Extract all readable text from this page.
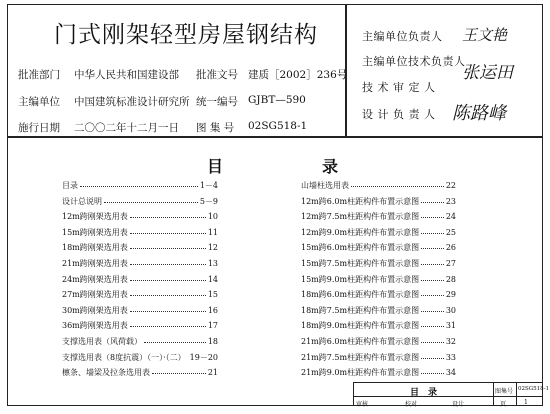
门式刚架轻型房屋钢结构
批准部门 中华人民共和国建设部 批准文号 建质［2002］236号
主编单位 中国建筑标准设计研究所 统一编号 GJBT—590
施行日期 二〇〇二年十二月一日 图 集 号 02SG518-1
主编单位负责人 王文艳
主编单位技术负责人
张运田
技 术 审 定 人
设 计 负 责 人 陈路峰
目	录
目录	1－4
设计总说明	5－9
12m跨刚架选用表	10
15m跨刚架选用表	11
18m跨刚架选用表	12
21m跨刚架选用表	13
24m跨刚架选用表	14
27m跨刚架选用表	15
30m跨刚架选用表	16
36m跨刚架选用表	17
支撑选用表（风荷载）	18
支撑选用表（8度抗震）（一）·（二） 19－20
檩条、墙梁及拉条选用表	21
山墙柱选用表	22
12m跨6.0m柱距构件布置示意图	23
12m跨7.5m柱距构件布置示意图	24
12m跨9.0m柱距构件布置示意图	25
15m跨6.0m柱距构件布置示意图	26
15m跨7.5m柱距构件布置示意图	27
15m跨9.0m柱距构件布置示意图	28
18m跨6.0m柱距构件布置示意图	29
18m跨7.5m柱距构件布置示意图	30
18m跨9.0m柱距构件布置示意图	31
21m跨6.0m柱距构件布置示意图	32
21m跨7.5m柱距构件布置示意图	33
21m跨9.0m柱距构件布置示意图	34
目　录	图集号 02SG518-1
审核	校对	设计	页	1
